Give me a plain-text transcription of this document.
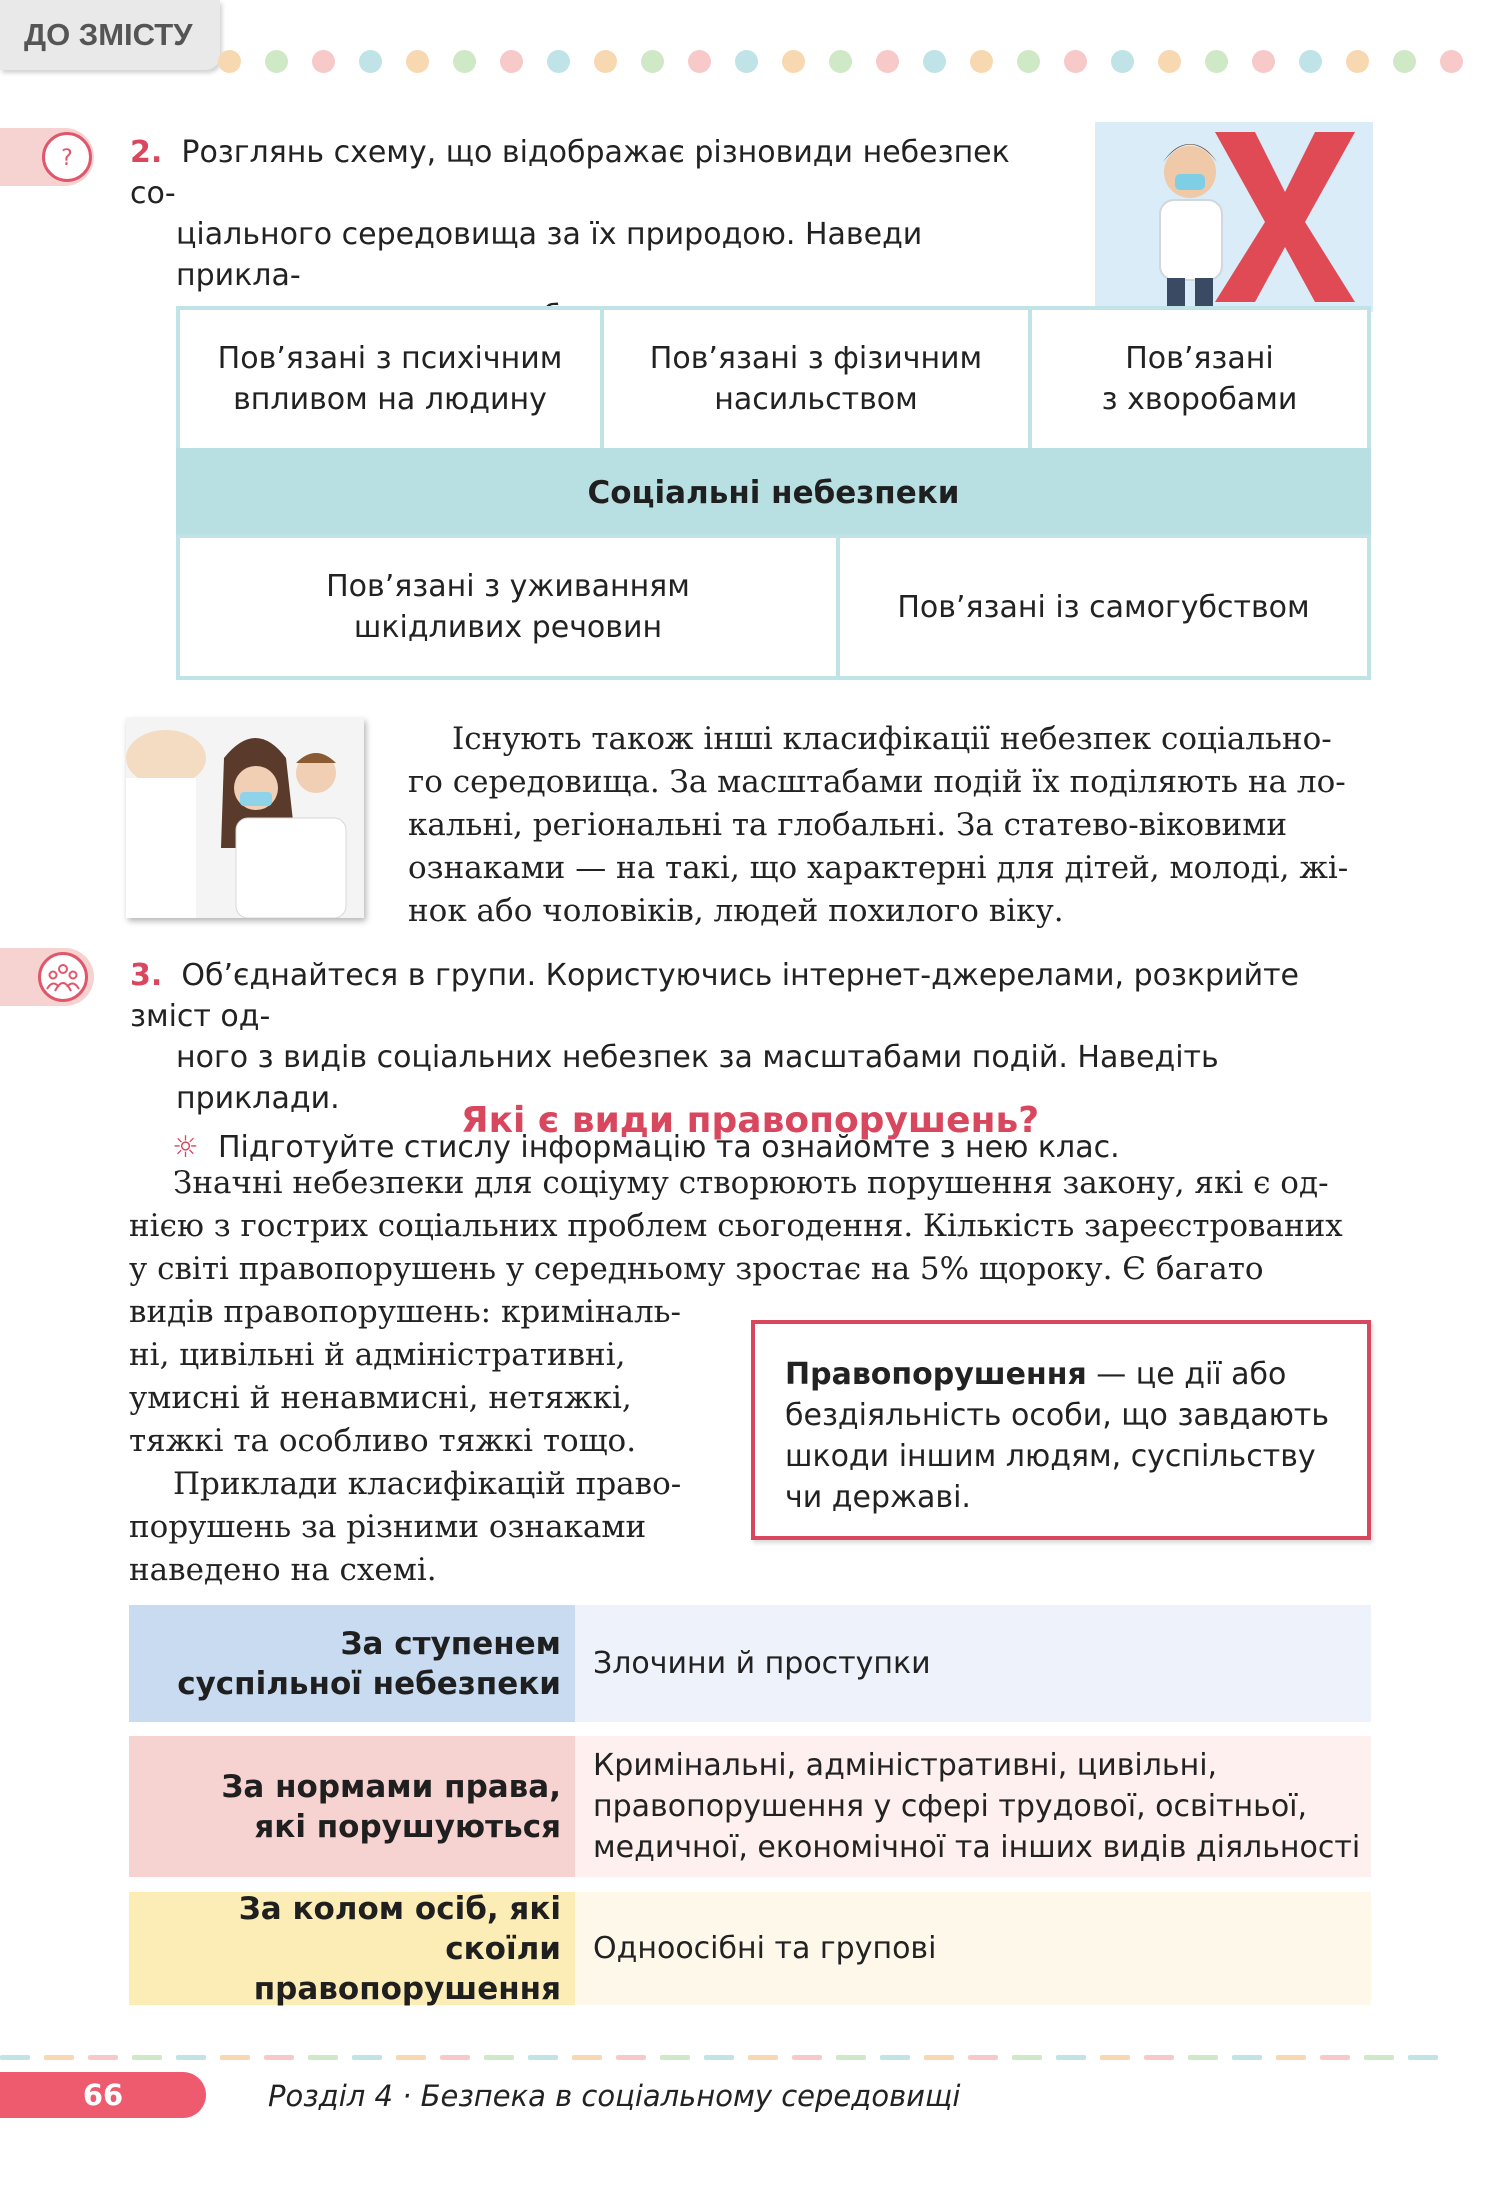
ДО ЗМІСТУ
? 2. Розглянь схему, що відображає різновиди небезпек со-
ціального середовища за їх природою. Наведи прикла-
Пов’язані з психічним
впливом на людину
Пов’язані з фізичним
насильством
Пов’язані
з хворобами
Соціальні небезпеки
Пов’язані з уживанням
шкідливих речовин
Пов’язані із самогубством
Існують також інші класифікації небезпек соціально-
го середовища. За масштабами подій їх поділяють на ло-
кальні, регіональні та глобальні. За статево-віковими
ознаками — на такі, що характерні для дітей, молоді, жі-
нок або чоловіків, людей похилого віку.
3. Об’єднайтеся в групи. Користуючись інтернет-джерелами, розкрийте зміст од-
ного з видів соціальних небезпек за масштабами подій. Наведіть приклади.
☼ Підготуйте стислу інформацію та ознайомте з нею клас.
Які є види правопорушень?
Значні небезпеки для соціуму створюють порушення закону, які є од-
нією з гострих соціальних проблем сьогодення. Кількість зареєстрованих
у світі правопорушень у середньому зростає на 5% щороку. Є багато
видів правопорушень: криміналь-
ні, цивільні й адміністративні,
умисні й ненавмисні, нетяжкі,
тяжкі та особливо тяжкі тощо.
Приклади класифікацій право-
порушень за різними ознаками
наведено на схемі.
Правопорушення — це дії або
бездіяльність особи, що завдають
шкоди іншим людям, суспільству
чи державі.
За ступенем
суспільної небезпеки
Злочини й проступки
За нормами права,
які порушуються
Кримінальні, адміністративні, цивільні,
правопорушення у сфері трудової, освітньої,
медичної, економічної та інших видів діяльності
За колом осіб, які скоїли
правопорушення
Одноосібні та групові
66	Розділ 4 · Безпека в соціальному середовищі
